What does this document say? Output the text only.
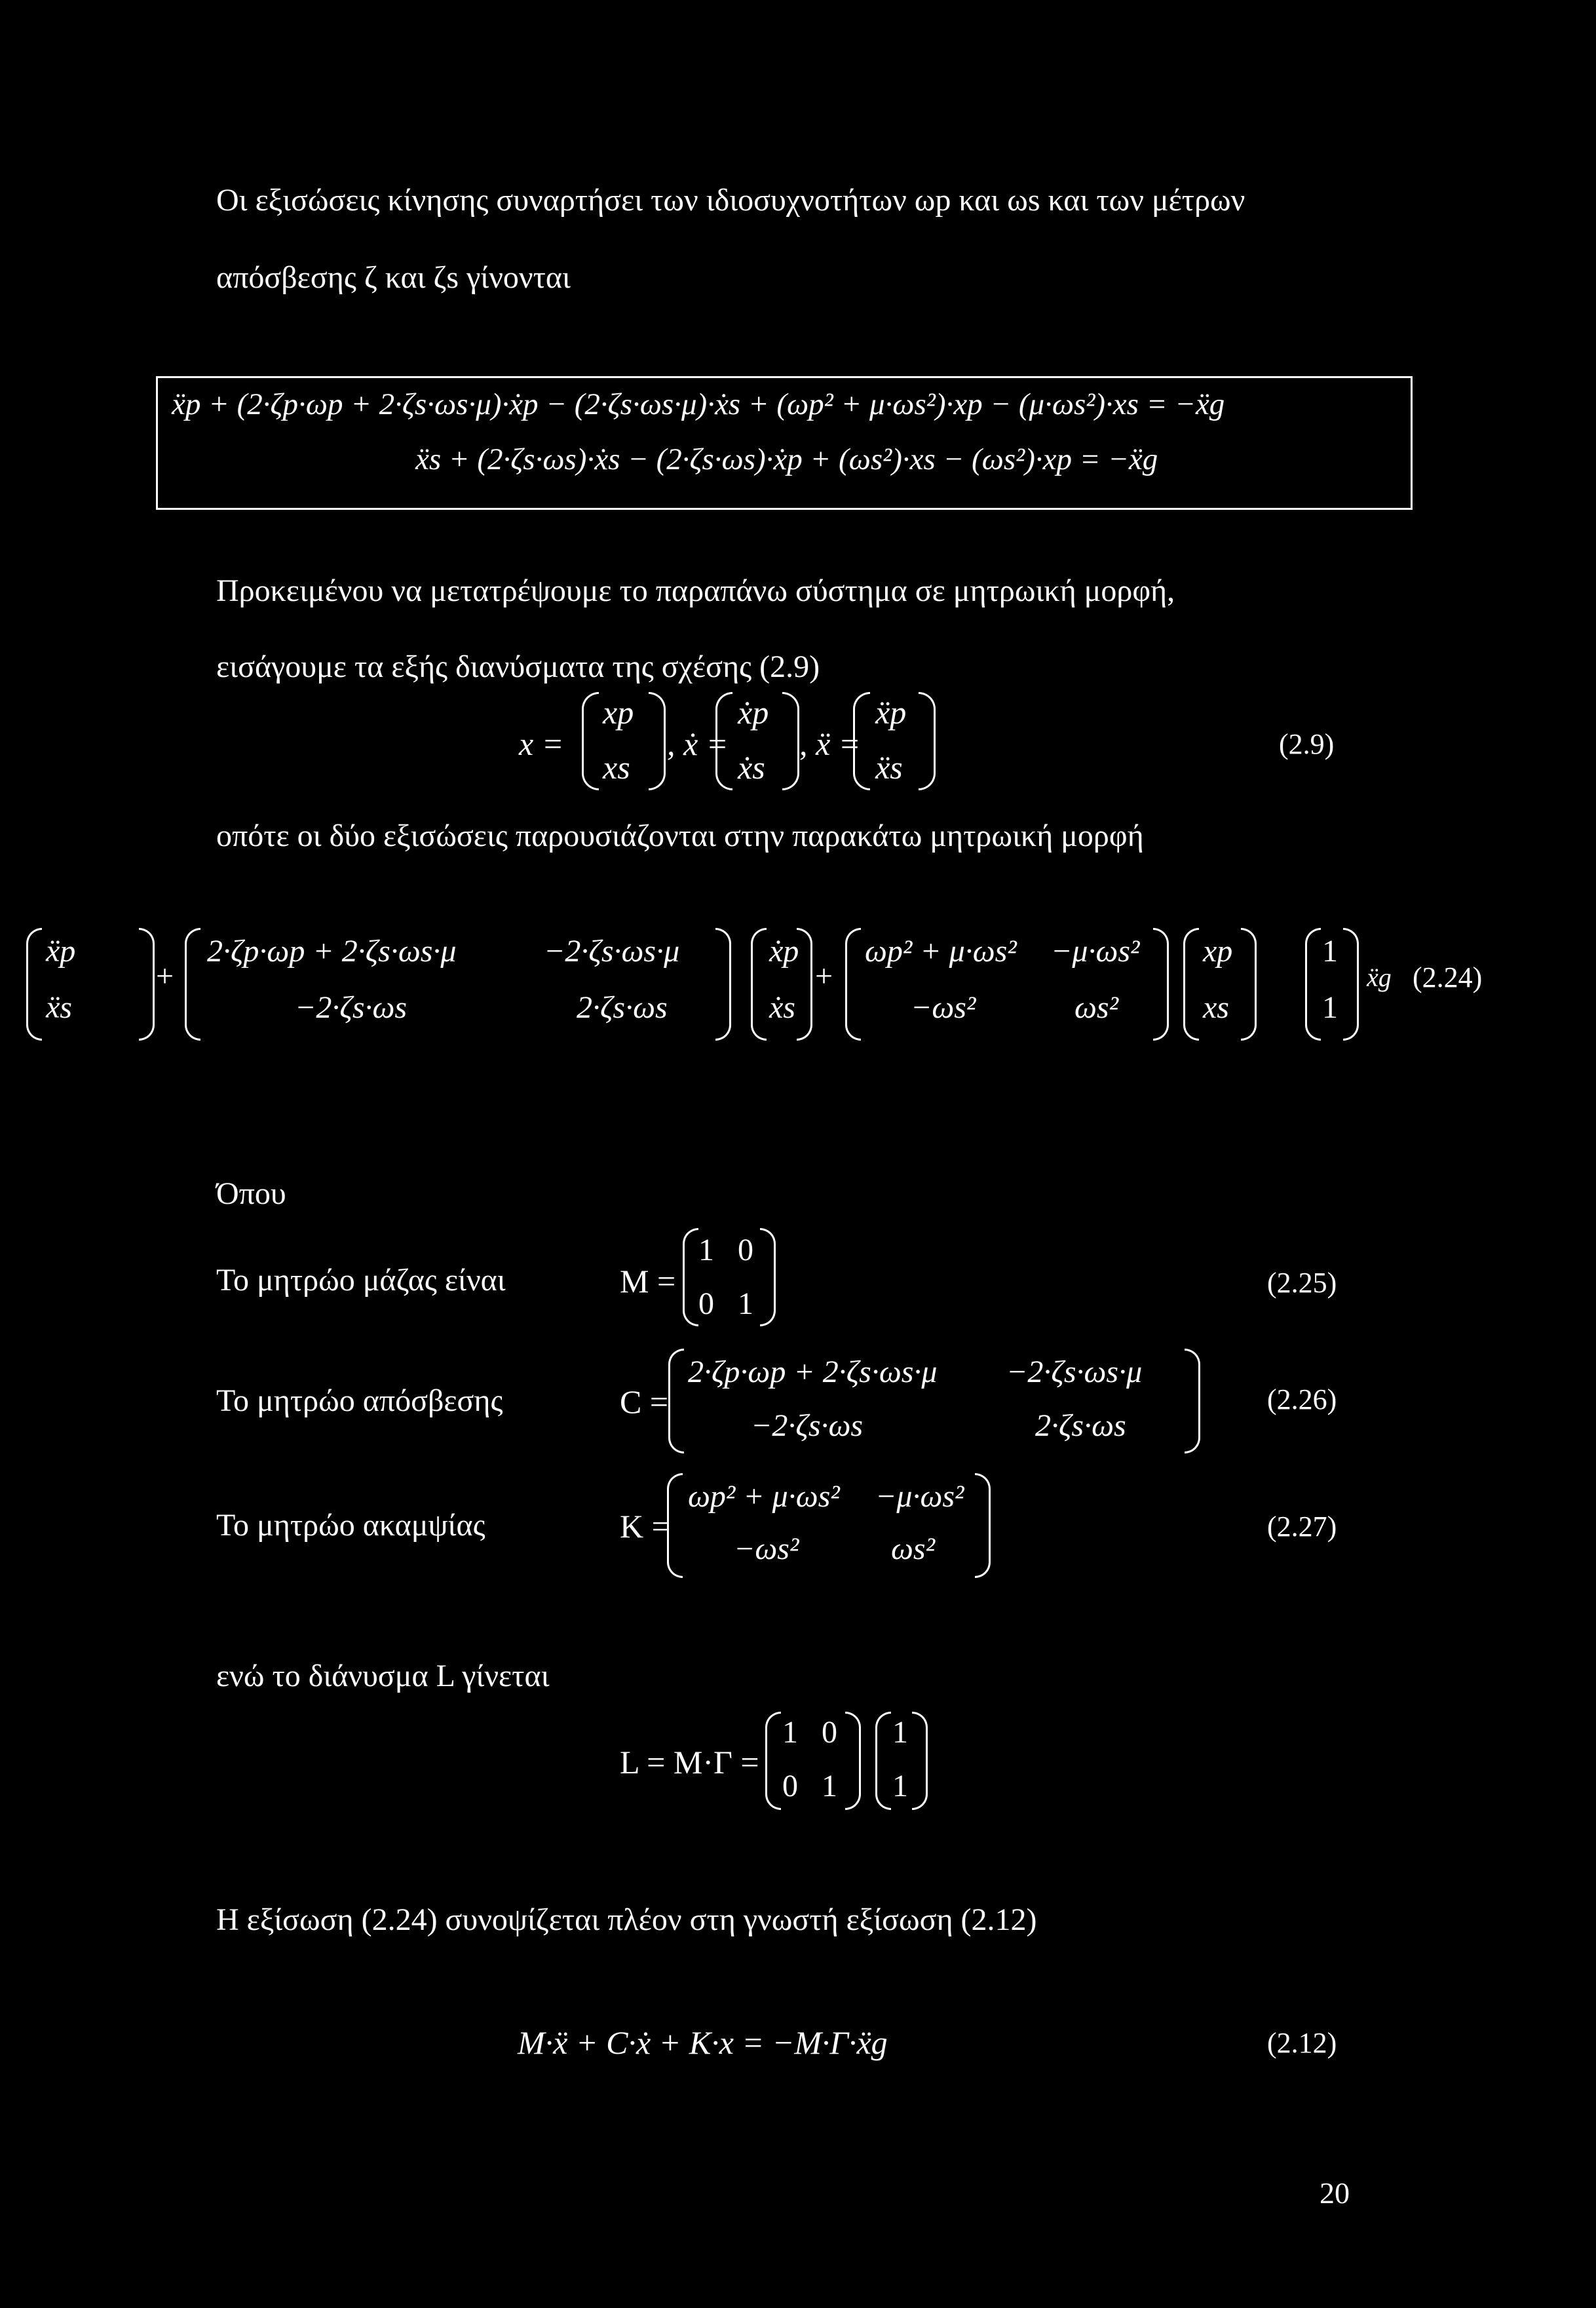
Οι εξισώσεις κίνησης συναρτήσει των ιδιοσυχνοτήτων ωp και ωs και των μέτρων
απόσβεσης ζ και ζs γίνονται
ẍp + (2·ζp·ωp + 2·ζs·ωs·μ)·ẋp − (2·ζs·ωs·μ)·ẋs + (ωp² + μ·ωs²)·xp − (μ·ωs²)·xs = −ẍg
ẍs + (2·ζs·ωs)·ẋs − (2·ζs·ωs)·ẋp + (ωs²)·xs − (ωs²)·xp = −ẍg
Προκειμένου να μετατρέψουμε το παραπάνω σύστημα σε μητρωική μορφή,
εισάγουμε τα εξής διανύσματα της σχέσης (2.9)
x =
xp
xs
, ẋ =
ẋp
ẋs
, ẍ =
ẍp
ẍs
(2.9)
οπότε οι δύο εξισώσεις παρουσιάζονται στην παρακάτω μητρωική μορφή
ẍp
ẍs
+
2·ζp·ωp + 2·ζs·ωs·μ	−2·ζs·ωs·μ
−2·ζs·ωs	2·ζs·ωs
ẋp
ẋs
+
ωp² + μ·ωs² −μ·ωs²
−ωs²	ωs²
xp
xs
1
1
ẍg (2.24)
Όπου
Το μητρώο μάζας είναι	M =
1   0
0   1
(2.25)
Το μητρώο απόσβεσης	C =
2·ζp·ωp + 2·ζs·ωs·μ −2·ζs·ωs·μ
−2·ζs·ωs	2·ζs·ωs
(2.26)
Το μητρώο ακαμψίας	K =
ωp² + μ·ωs² −μ·ωs²
−ωs²	ωs²
(2.27)
ενώ το διάνυσμα L γίνεται
L = M·Γ =
1   0
0   1
1
1
Η εξίσωση (2.24) συνοψίζεται πλέον στη γνωστή εξίσωση (2.12)
M·ẍ + C·ẋ + K·x = −M·Γ·ẍg	(2.12)
20
